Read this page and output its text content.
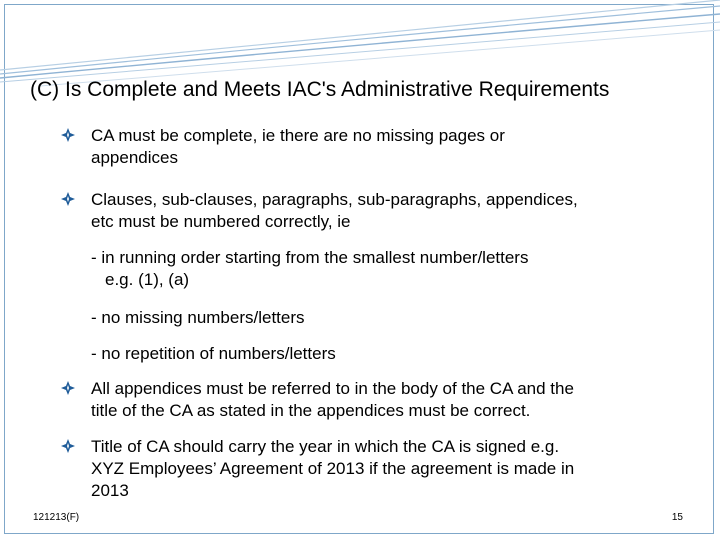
(C) Is Complete and Meets IAC's Administrative Requirements
CA must be complete, ie there are no missing pages or
appendices
Clauses, sub-clauses, paragraphs, sub-paragraphs, appendices,
etc must be numbered correctly, ie
- in running order starting from the smallest number/letters
e.g. (1), (a)
- no missing numbers/letters
- no repetition of numbers/letters
All appendices must be referred to in the body of the CA and the
title of the CA as stated in the appendices must be correct.
Title of CA should carry the year in which the CA is signed e.g.
XYZ Employees’ Agreement of 2013 if the agreement is made in
2013
121213(F)	15
